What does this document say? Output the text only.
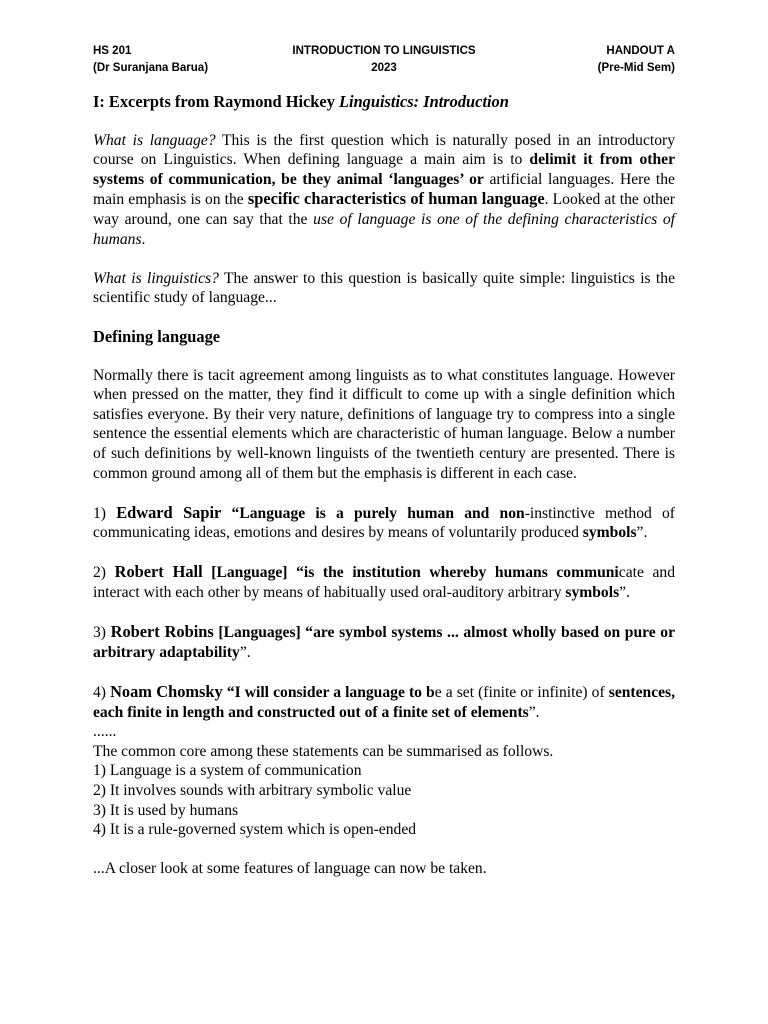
HS 201	INTRODUCTION TO LINGUISTICS	HANDOUT A
(Dr Suranjana Barua)	2023	(Pre-Mid Sem)

I: Excerpts from Raymond Hickey Linguistics: Introduction

What is language? This is the first question which is naturally posed in an introductory course on Linguistics. When defining language a main aim is to delimit it from other systems of communication, be they animal ‘languages’ or artificial languages. Here the main emphasis is on the specific characteristics of human language. Looked at the other way around, one can say that the use of language is one of the defining characteristics of humans.

What is linguistics? The answer to this question is basically quite simple: linguistics is the scientific study of language...

Defining language

Normally there is tacit agreement among linguists as to what constitutes language. However when pressed on the matter, they find it difficult to come up with a single definition which satisfies everyone. By their very nature, definitions of language try to compress into a single sentence the essential elements which are characteristic of human language. Below a number of such definitions by well-known linguists of the twentieth century are presented. There is common ground among all of them but the emphasis is different in each case.

1) Edward Sapir “Language is a purely human and non-instinctive method of communicating ideas, emotions and desires by means of voluntarily produced symbols”.

2) Robert Hall [Language] “is the institution whereby humans communicate and interact with each other by means of habitually used oral-auditory arbitrary symbols”.

3) Robert Robins [Languages] “are symbol systems ... almost wholly based on pure or arbitrary adaptability”.

4) Noam Chomsky “I will consider a language to be a set (finite or infinite) of sentences, each finite in length and constructed out of a finite set of elements”.

......

The common core among these statements can be summarised as follows.

1) Language is a system of communication

2) It involves sounds with arbitrary symbolic value

3) It is used by humans

4) It is a rule-governed system which is open-ended

...A closer look at some features of language can now be taken.
